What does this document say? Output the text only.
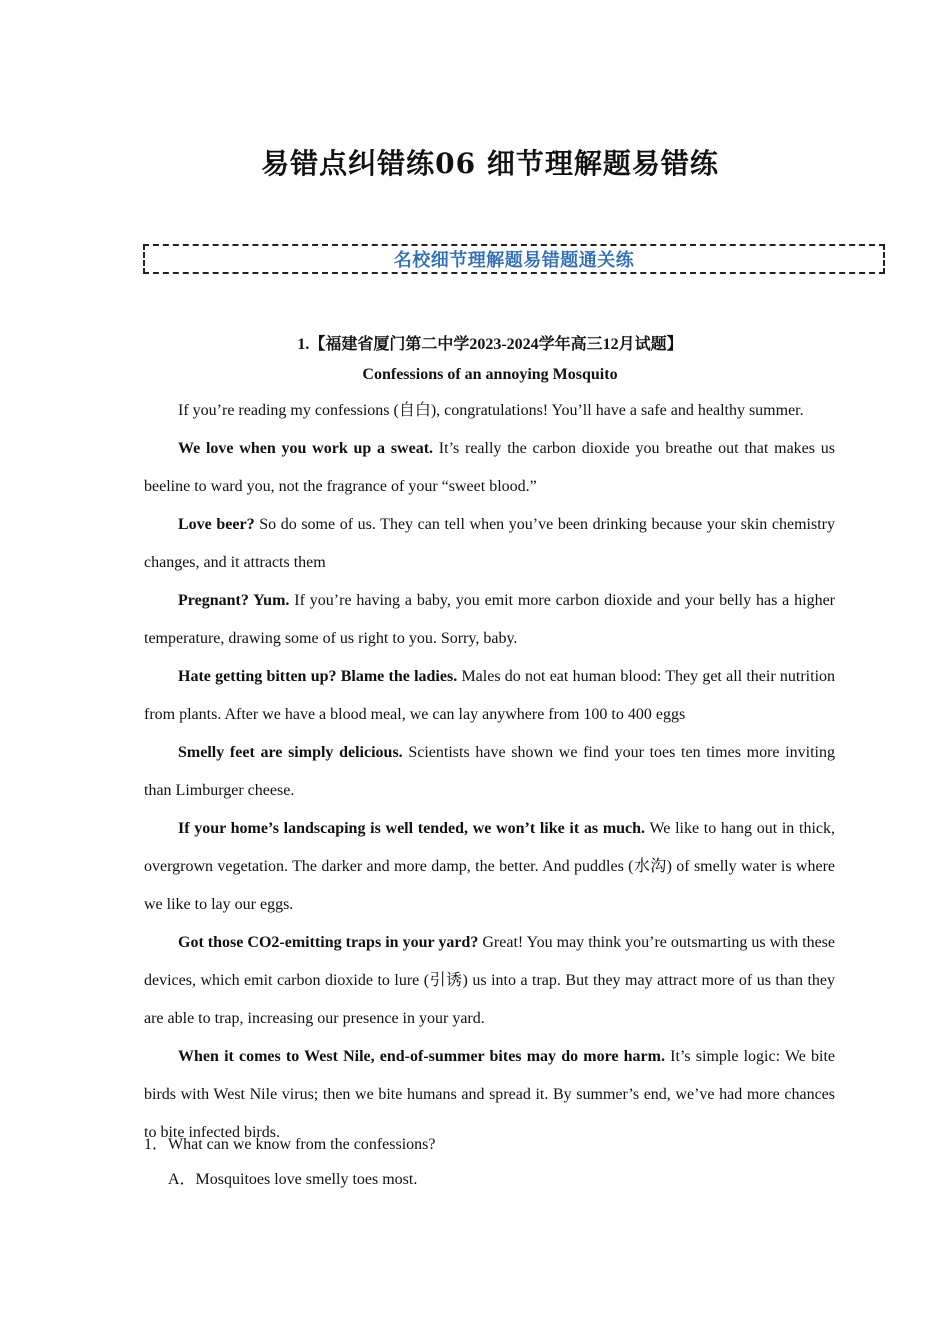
易错点纠错练06 细节理解题易错练
名校细节理解题易错题通关练
1.【福建省厦门第二中学2023-2024学年高三12月试题】
Confessions of an annoying Mosquito

If you’re reading my confessions (自白), congratulations! You’ll have a safe and healthy summer.

We love when you work up a sweat. It’s really the carbon dioxide you breathe out that makes us beeline to ward you, not the fragrance of your “sweet blood.”

Love beer? So do some of us. They can tell when you’ve been drinking because your skin chemistry changes, and it attracts them

Pregnant? Yum. If you’re having a baby, you emit more carbon dioxide and your belly has a higher temperature, drawing some of us right to you. Sorry, baby.

Hate getting bitten up? Blame the ladies. Males do not eat human blood: They get all their nutrition from plants. After we have a blood meal, we can lay anywhere from 100 to 400 eggs

Smelly feet are simply delicious. Scientists have shown we find your toes ten times more inviting than Limburger cheese.

If your home’s landscaping is well tended, we won’t like it as much. We like to hang out in thick, overgrown vegetation. The darker and more damp, the better. And puddles (水沟) of smelly water is where we like to lay our eggs.

Got those CO2-emitting traps in your yard? Great! You may think you’re outsmarting us with these devices, which emit carbon dioxide to lure (引诱) us into a trap. But they may attract more of us than they are able to trap, increasing our presence in your yard.

When it comes to West Nile, end-of-summer bites may do more harm. It’s simple logic: We bite birds with West Nile virus; then we bite humans and spread it. By summer’s end, we’ve had more chances to bite infected birds.

1．What can we know from the confessions?
A．Mosquitoes love smelly toes most.
